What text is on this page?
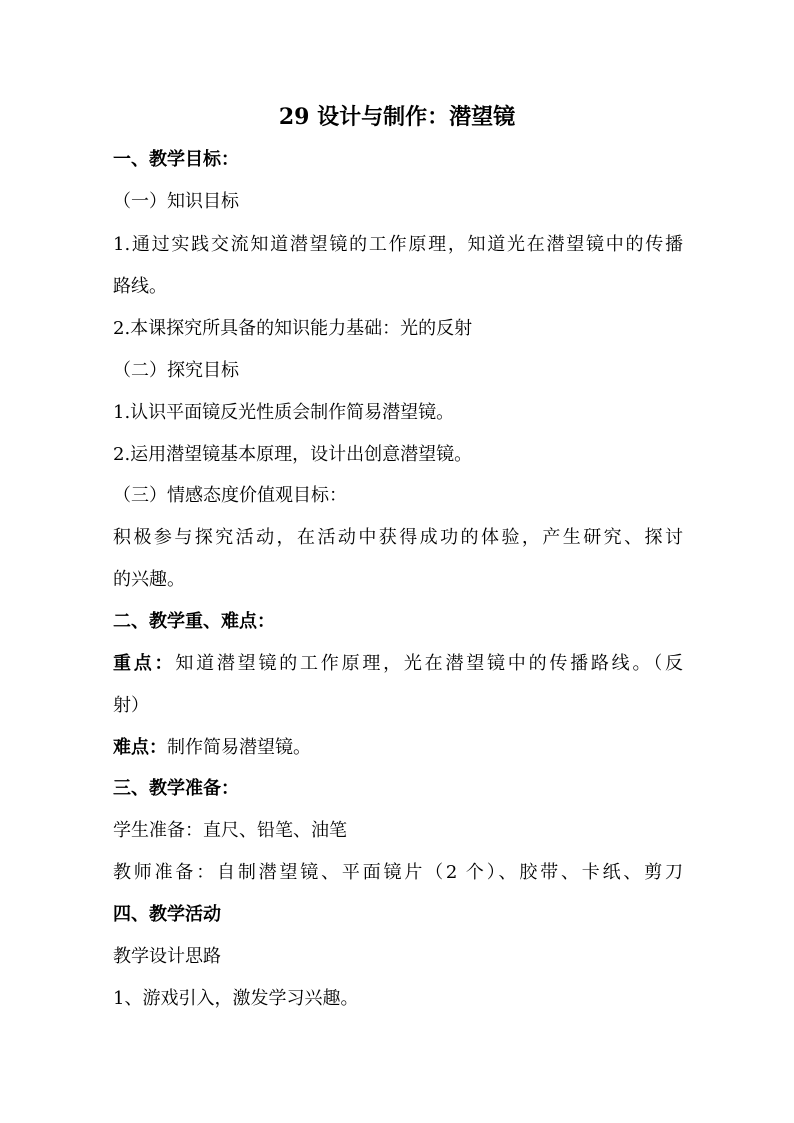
29 设计与制作：潜望镜
一、教学目标：
（一）知识目标
1.通过实践交流知道潜望镜的工作原理，知道光在潜望镜中的传播
路线。
2.本课探究所具备的知识能力基础：光的反射
（二）探究目标
1.认识平面镜反光性质会制作简易潜望镜。
2.运用潜望镜基本原理，设计出创意潜望镜。
（三）情感态度价值观目标：
积极参与探究活动，在活动中获得成功的体验，产生研究、探讨
的兴趣。
二、教学重、难点：
重点：知道潜望镜的工作原理，光在潜望镜中的传播路线。（反
射）
难点：制作简易潜望镜。
三、教学准备：
学生准备：直尺、铅笔、油笔
教师准备：自制潜望镜、平面镜片（2 个）、胶带、卡纸、剪刀
四、教学活动
教学设计思路
1、游戏引入，激发学习兴趣。
